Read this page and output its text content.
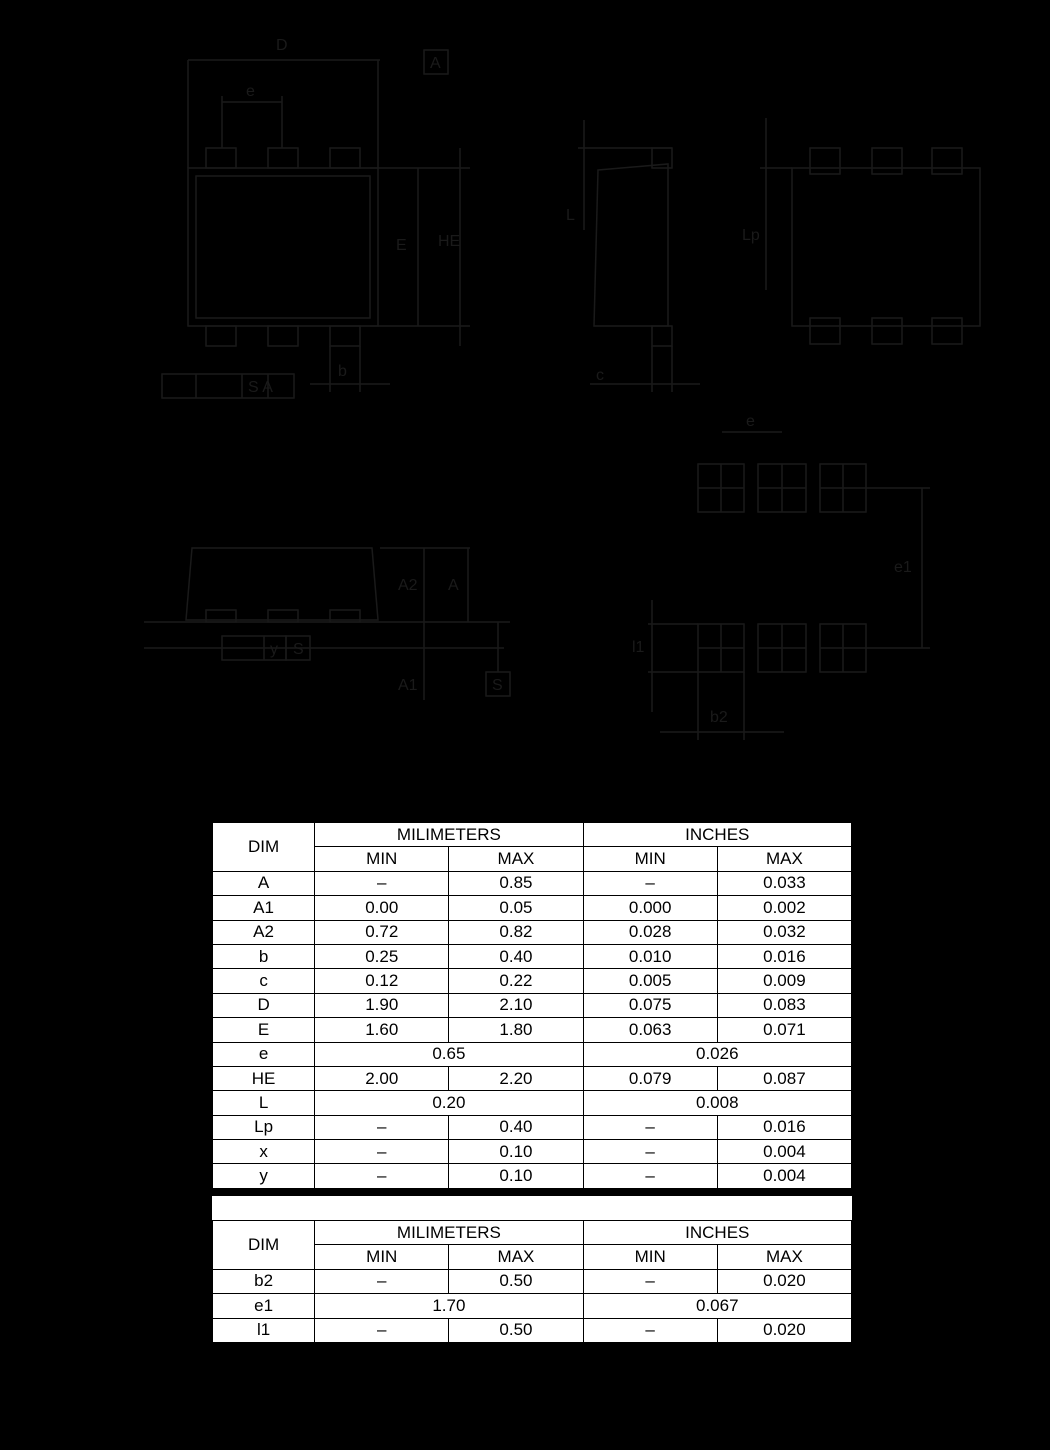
D
A
e
E HE
b
S A
L
c
Lp
e
A2 A
y S
A1	S
e1
l1
b2
DIM	MILIMETERS		INCHES	
	MIN	MAX	MIN	MAX
A	–	0.85	–	0.033
A1	0.00	0.05	0.000	0.002
A2	0.72	0.82	0.028	0.032
b	0.25	0.40	0.010	0.016
c	0.12	0.22	0.005	0.009
D	1.90	2.10	0.075	0.083
E	1.60	1.80	0.063	0.071
e	0.65		0.026	
HE	2.00	2.20	0.079	0.087
L	0.20		0.008	
Lp	–	0.40	–	0.016
x	–	0.10	–	0.004
y	–	0.10	–	0.004
DIM	MILIMETERS		INCHES	
	MIN	MAX	MIN	MAX
b2	–	0.50	–	0.020
e1	1.70		0.067	
l1	–	0.50	–	0.020
